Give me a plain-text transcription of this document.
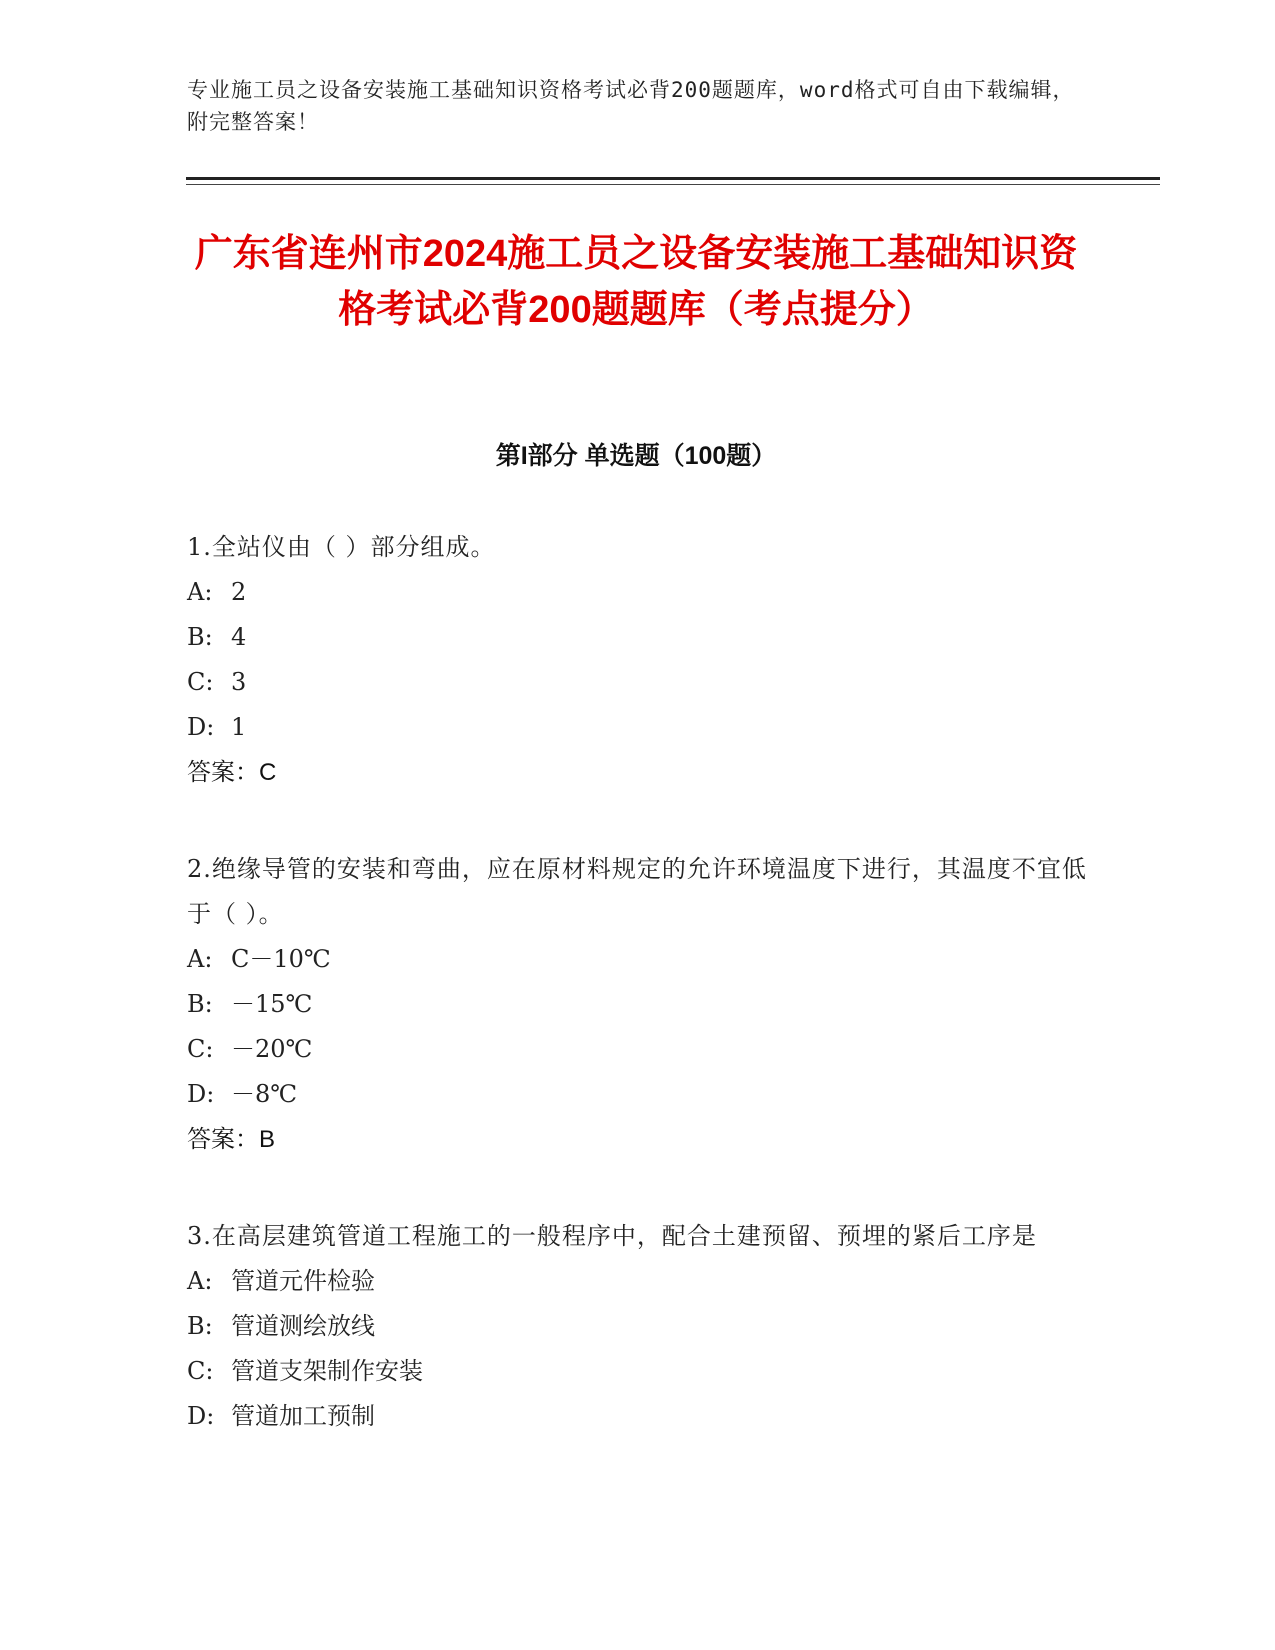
专业施工员之设备安装施工基础知识资格考试必背200题题库，word格式可自由下载编辑，附完整答案！
广东省连州市2024施工员之设备安装施工基础知识资格考试必背200题题库（考点提分）
第I部分 单选题（100题）
1.全站仪由（ ）部分组成。
A: 2
B: 4
C: 3
D: 1
答案：C
2.绝缘导管的安装和弯曲，应在原材料规定的允许环境温度下进行，其温度不宜低于（ ）。
A: C－10℃
B: －15℃
C: －20℃
D: －8℃
答案：B
3.在高层建筑管道工程施工的一般程序中，配合土建预留、预埋的紧后工序是
A: 管道元件检验
B: 管道测绘放线
C: 管道支架制作安装
D: 管道加工预制
